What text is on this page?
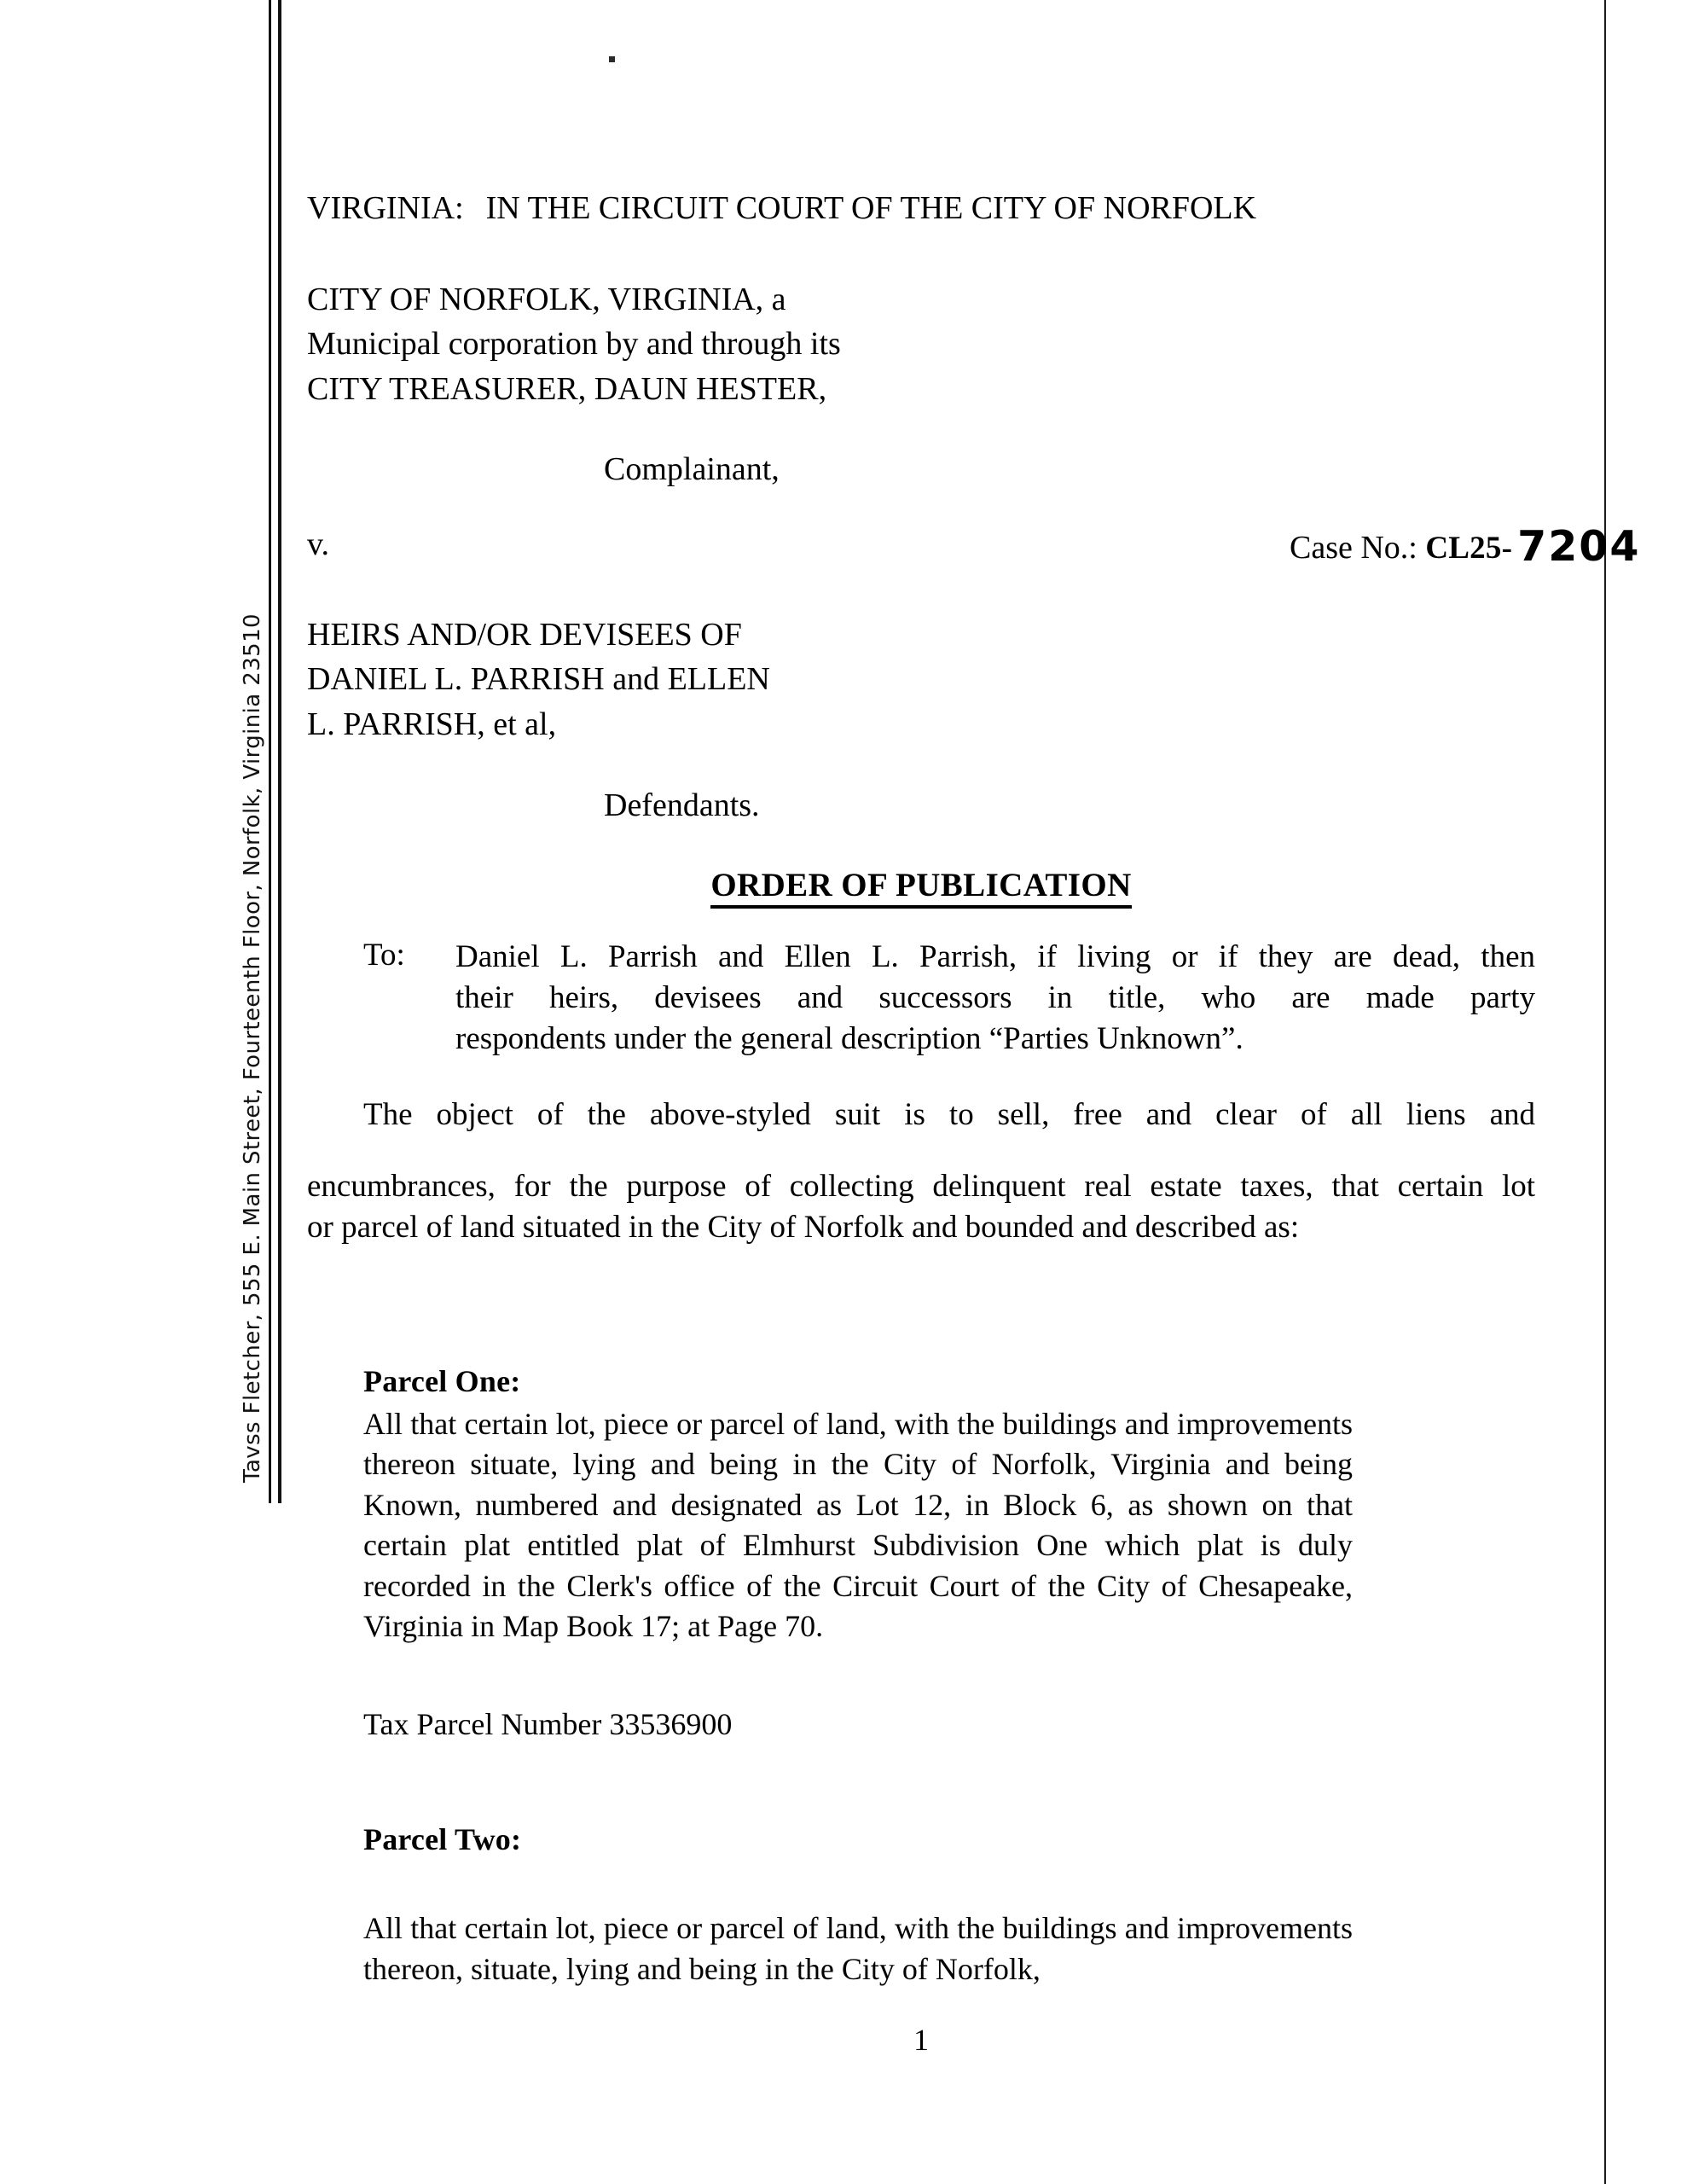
Tavss Fletcher, 555 E. Main Street, Fourteenth Floor, Norfolk, Virginia 23510
VIRGINIA: IN THE CIRCUIT COURT OF THE CITY OF NORFOLK
CITY OF NORFOLK, VIRGINIA, a
Municipal corporation by and through its
CITY TREASURER, DAUN HESTER,
Complainant,
v.	Case No.: CL25- 7204
HEIRS AND/OR DEVISEES OF
DANIEL L. PARRISH and ELLEN
L. PARRISH, et al,
Defendants.
ORDER OF PUBLICATION
To:	Daniel L. Parrish and Ellen L. Parrish, if living or if they are dead, then
their heirs, devisees and successors in title, who are made party
respondents under the general description “Parties Unknown”.
The object of the above-styled suit is to sell, free and clear of all liens and
encumbrances, for the purpose of collecting delinquent real estate taxes, that certain lot
or parcel of land situated in the City of Norfolk and bounded and described as:
Parcel One:
All that certain lot, piece or parcel of land, with the buildings and improvements thereon situate, lying and being in the City of Norfolk, Virginia and being Known, numbered and designated as Lot 12, in Block 6, as shown on that certain plat entitled plat of Elmhurst Subdivision One which plat is duly recorded in the Clerk's office of the Circuit Court of the City of Chesapeake, Virginia in Map Book 17; at Page 70.
Tax Parcel Number 33536900
Parcel Two:
All that certain lot, piece or parcel of land, with the buildings and improvements thereon, situate, lying and being in the City of Norfolk,
1
